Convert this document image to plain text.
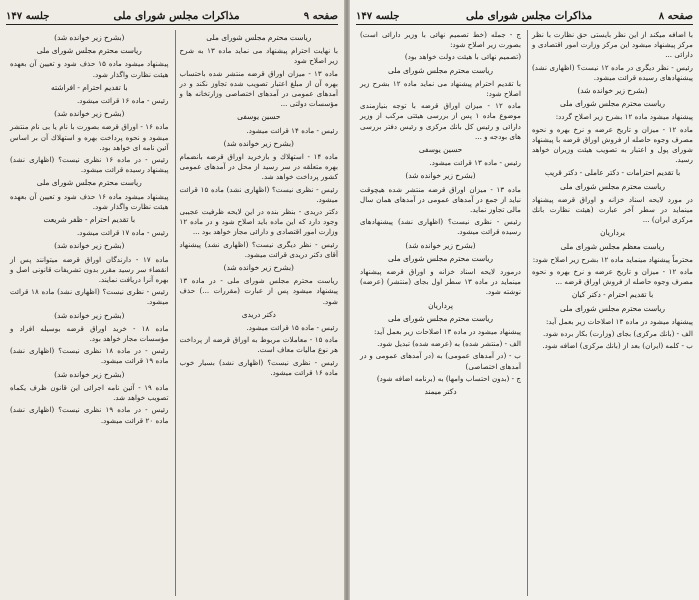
صفحه ۹
مذاکرات مجلس شورای ملی
جلسه ۱۴۷
رياست محترم مجلس شوراى ملى
با نهايت احترام پيشنهاد مى نمايد ماده ۱۳ به شرح زير اصلاح شود
ماده ۱۳ - ميزان اوراق قرضه منتشر شده باحتساب بهره آن از مبلغ اعتبار تصويب شده تجاوز نكند و در آمدهاى عمومى در آمدهاى اختصاصى وزارتخانه ها و مؤسسات دولتى ...
حسين يوسفى
رئيس - ماده ۱۴ قرائت ميشود.
(بشرح زير خوانده شد)
ماده ۱۴ - استهلاك و بازخريد اوراق قرضه بانضمام بهره متعلقه در سر رسيد از محل در آمدهاى عمومى كشور پرداخت خواهد شد.
رئيس - نظرى نيست؟ (اظهارى نشد) ماده ۱۵ قرائت ميشود.
دكتر دريدى - بنظر بنده در اين لايحه ظرفيت عجيبى وجود دارد كه اين ماده بايد اصلاح شود و در ماده ۱۲ وزارت امور اقتصادى و دارائى مجاز خواهد بود ...
رئيس - نظر ديگرى نيست؟ (اظهارى نشد) پيشنهاد آقاى دكتر دريدى قرائت ميشود.
(بشرح زير خوانده شد)
رياست محترم مجلس شوراى ملى - در ماده ۱۳ پيشنهاد ميشود پس از عبارت (مقررات ...) حذف شود.
دكتر دريدى
رئيس - ماده ۱۵ قرائت ميشود.
ماده ۱۵ - معاملات مربوط به اوراق قرضه از پرداخت هر نوع ماليات معاف است.
رئيس - نظرى نيست؟ (اظهارى نشد) بسيار خوب ماده ۱۶ قرائت ميشود.
(بشرح زير خوانده شد)
رياست محترم مجلس شوراى ملى
پيشنهاد ميشود ماده ۱۵ حذف شود و تعيين آن بعهده هيئت نظارت واگذار شود.
با تقديم احترام - افراشته
رئيس - ماده ۱۶ قرائت ميشود.
(بشرح زير خوانده شد)
ماده ۱۶ - اوراق قرضه بصورت با نام يا بى نام منتشر ميشود و نحوه پرداخت بهره و استهلاك آن بر اساس آئين نامه اى خواهد بود.
رئيس - در ماده ۱۶ نظرى نيست؟ (اظهارى نشد) پيشنهاد رسيده قرائت ميشود.
رياست محترم مجلس شوراى ملى
پيشنهاد ميشود ماده ۱۶ حذف شود و تعيين آن بعهده هيئت نظارت واگذار شود.
با تقديم احترام - ظفر شريعت
رئيس - ماده ۱۷ قرائت ميشود.
(بشرح زير خوانده شد)
ماده ۱۷ - دارندگان اوراق قرضه ميتوانند پس از انقضاء سر رسيد مقرر بدون تشريفات قانونى اصل و بهره آنرا دريافت نمايند.
رئيس - نظرى نيست؟ (اظهارى نشد) ماده ۱۸ قرائت ميشود.
(بشرح زير خوانده شد)
ماده ۱۸ - خريد اوراق قرضه بوسيله افراد و مؤسسات مجاز خواهد بود.
رئيس - در ماده ۱۸ نظرى نيست؟ (اظهارى نشد) ماده ۱۹ قرائت ميشود.
(بشرح زير خوانده شد)
ماده ۱۹ - آئين نامه اجرائى اين قانون ظرف يكماه تصويب خواهد شد.
رئيس - در ماده ۱۹ نظرى نيست؟ (اظهارى نشد) ماده ۲۰ قرائت ميشود.
صفحه ۸
مذاكرات مجلس شوراى ملى
جلسه ۱۴۷
با اضافه ميكند از اين نظر بايستى حق نظارت با نظر مركز پيشنهاد ميشود اين مركز وزارت امور اقتصادى و دارائى ...
رئيس - نظر ديگرى در ماده ۱۲ نيست؟ (اظهارى نشد) پيشنهادهاى رسيده قرائت ميشود.
(بشرح زير خوانده شد)
رياست محترم مجلس شوراى ملى
پيشنهاد ميشود ماده ۱۲ بشرح زير اصلاح گردد:
ماده ۱۲ - ميزان و تاريخ عرضه و نرخ بهره و نحوه مصرف وجوه حاصله از فروش اوراق قرضه با پيشنهاد شوراى پول و اعتبار به تصويب هيئت وزيران خواهد رسيد.
با تقديم احترامات - دكتر عاملى - دكتر قريب
رياست محترم مجلس شوراى ملى
در مورد لايحه اسناد خزانه و اوراق قرضه پيشنهاد مينمايد در سطر آخر عبارت (هيئت نظارت بانك مركزى ايران) ...
يرداريان
رياست معظم مجلس شوراى ملى
محترماً پيشنهاد مينمايد ماده ۱۲ بشرح زير اصلاح شود:
ماده ۱۲ - ميزان و تاريخ عرضه و نرخ بهره و نحوه مصرف وجوه حاصله از فروش اوراق قرضه ...
با تقديم احترام - دكتر كيان
رياست محترم مجلس شوراى ملى
پيشنهاد ميشود در ماده ۱۳ اصلاحات زير بعمل آيد:
الف - (بانك مركزى) بجاى (وزارت) بكار برده شود.
ب - كلمه (ايران) بعد از (بانك مركزى) اضافه شود.
ج - جمله (خط تصميم نهائى با وزير دارائى است) بصورت زير اصلاح شود:
(تصميم نهائى با هيئت دولت خواهد بود)
رياست محترم مجلس شوراى ملى
با تقديم احترام پيشنهاد مى نمايد ماده ۱۲ بشرح زير اصلاح شود:
ماده ۱۲ - ميزان اوراق قرضه با توجه بنيازمندى موضوع ماده ۱ پس از بررسى هيئتى مركب از وزير دارائى و رئيس كل بانك مركزى و رئيس دفتر بررسى هاى بودجه و ...
حسين يوسفى
رئيس - ماده ۱۳ قرائت ميشود.
(بشرح زير خوانده شد)
ماده ۱۳ - ميزان اوراق قرضه منتشر شده هيچوقت نبايد از جمع در آمدهاى عمومى در آمدهاى همان سال مالى تجاوز نمايد.
رئيس - نظرى نيست؟ (اظهارى نشد) پيشنهادهاى رسيده قرائت ميشود.
(بشرح زير خوانده شد)
رياست محترم مجلس شوراى ملى
درمورد لايحه اسناد خزانه و اوراق قرضه پيشنهاد مينمايد در ماده ۱۳ سطر اول بجاى (منتشر) (عرضه) نوشته شود.
پرداريان
رياست محترم مجلس شوراى ملى
پيشنهاد ميشود در ماده ۱۳ اصلاحات زير بعمل آيد:
الف - (منتشر شده) به (عرضه شده) تبديل شود.
ب - (در آمدهاى عمومى) به (در آمدهاى عمومى و در آمدهاى اختصاصى)
ج - (بدون احتساب وامها) به (برنامه اضافه شود)
دكتر ميمند
